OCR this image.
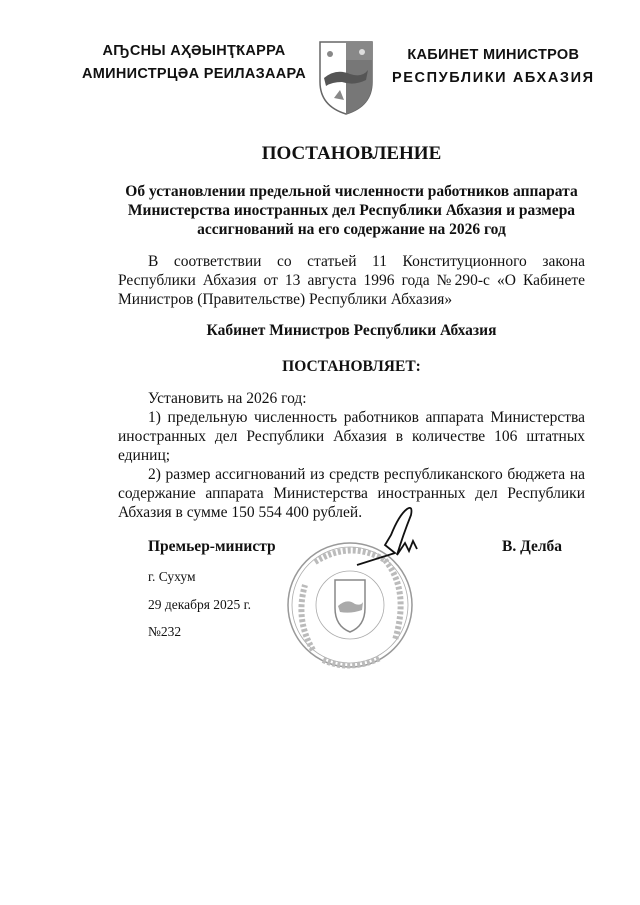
АҦСНЫ АҲӘЫНҬҞАРРА
АМИНИСТРЦӘА РЕИЛАЗААРА
КАБИНЕТ МИНИСТРОВ
РЕСПУБЛИКИ АБХАЗИЯ
ПОСТАНОВЛЕНИЕ
Об установлении предельной численности работников аппарата
Министерства иностранных дел Республики Абхазия и размера
ассигнований на его содержание на 2026 год
В соответствии со статьей 11 Конституционного закона Республики Абхазия от 13 августа 1996 года №290-с «О Кабинете Министров (Правительстве) Республики Абхазия»
Кабинет Министров Республики Абхазия
ПОСТАНОВЛЯЕТ:
Установить на 2026 год:
1) предельную численность работников аппарата Министерства иностранных дел Республики Абхазия в количестве 106 штатных единиц;
2) размер ассигнований из средств республиканского бюджета на содержание аппарата Министерства иностранных дел Республики Абхазия в сумме 150 554 400 рублей.
Премьер-министр	В. Делба
г. Сухум
29 декабря 2025 г.
№232
